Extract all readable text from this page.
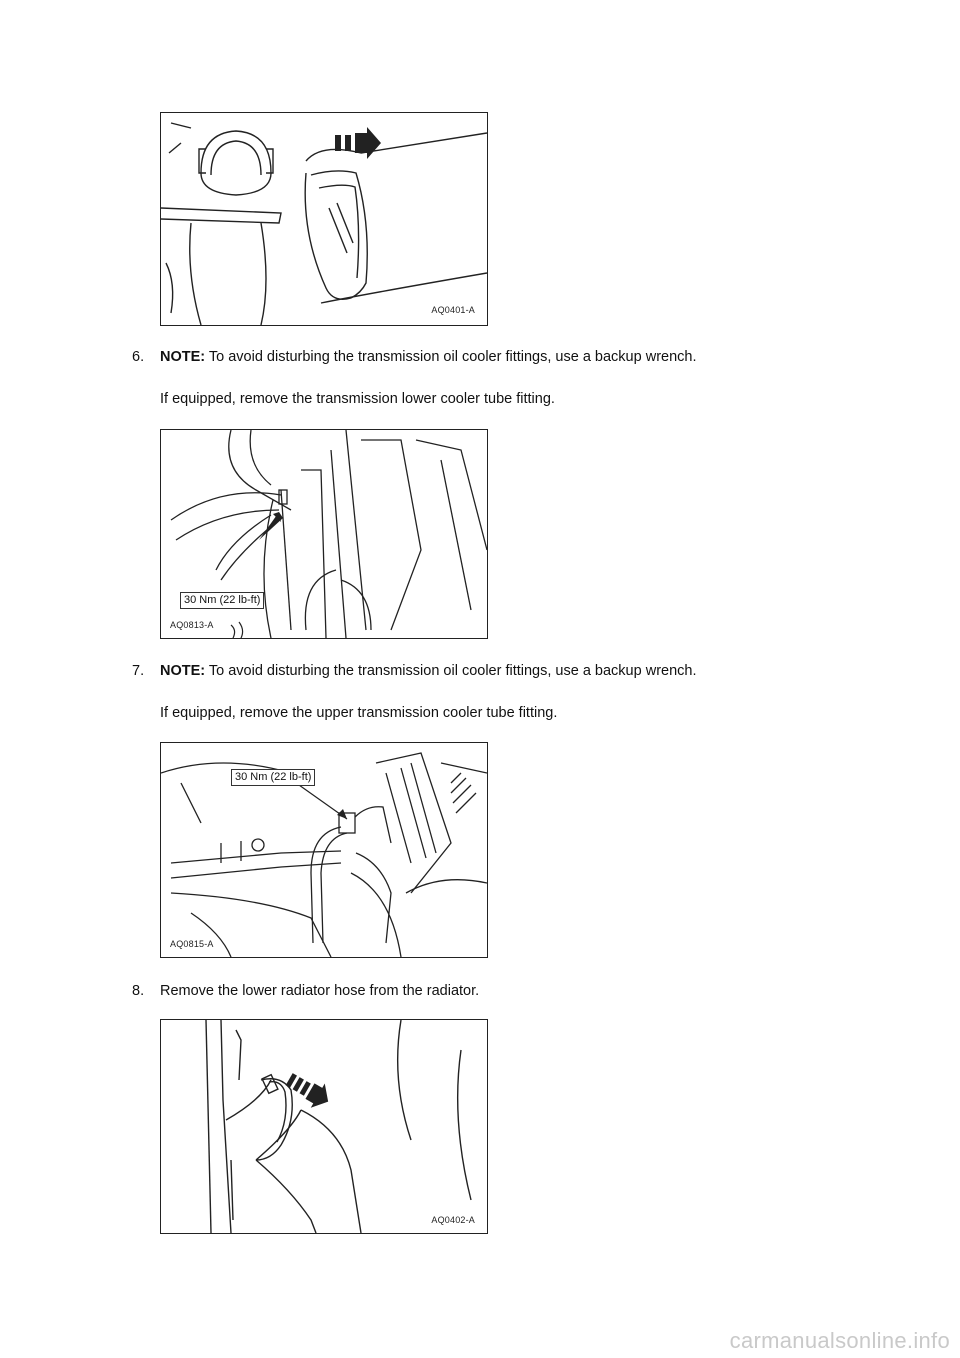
AQ0401-A
6. NOTE: To avoid disturbing the transmission oil cooler fittings, use a backup wrench.
If equipped, remove the transmission lower cooler tube fitting.
30 Nm (22 lb-ft)
AQ0813-A
7. NOTE: To avoid disturbing the transmission oil cooler fittings, use a backup wrench.
If equipped, remove the upper transmission cooler tube fitting.
30 Nm (22 lb-ft)
AQ0815-A
8. Remove the lower radiator hose from the radiator.
AQ0402-A
carmanualsonline.info
